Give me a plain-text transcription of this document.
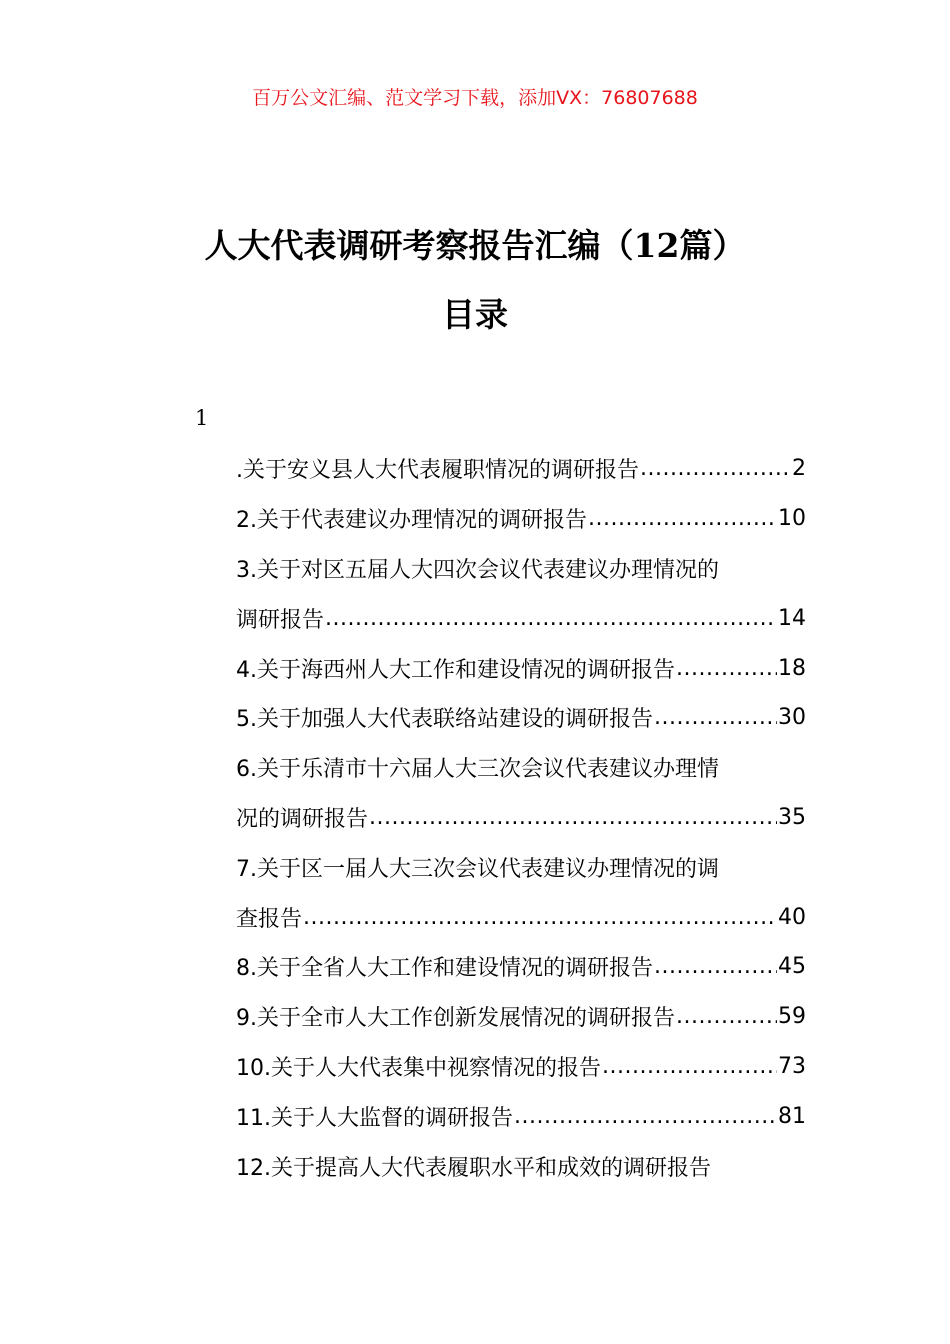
百万公文汇编、范文学习下载，添加VX：76807688
人大代表调研考察报告汇编（12篇）
目录
1
.关于安义县人大代表履职情况的调研报告 .....	2
2.关于代表建议办理情况的调研报告 .....	10
3.关于对区五届人大四次会议代表建议办理情况的
调研报告 .....	14
4.关于海西州人大工作和建设情况的调研报告 .....	18
5.关于加强人大代表联络站建设的调研报告 .....	30
6.关于乐清市十六届人大三次会议代表建议办理情
况的调研报告 .....	35
7.关于区一届人大三次会议代表建议办理情况的调
查报告 .....	40
8.关于全省人大工作和建设情况的调研报告 .....	45
9.关于全市人大工作创新发展情况的调研报告 .....	59
10.关于人大代表集中视察情况的报告 .....	73
11.关于人大监督的调研报告 .....	81
12.关于提高人大代表履职水平和成效的调研报告
